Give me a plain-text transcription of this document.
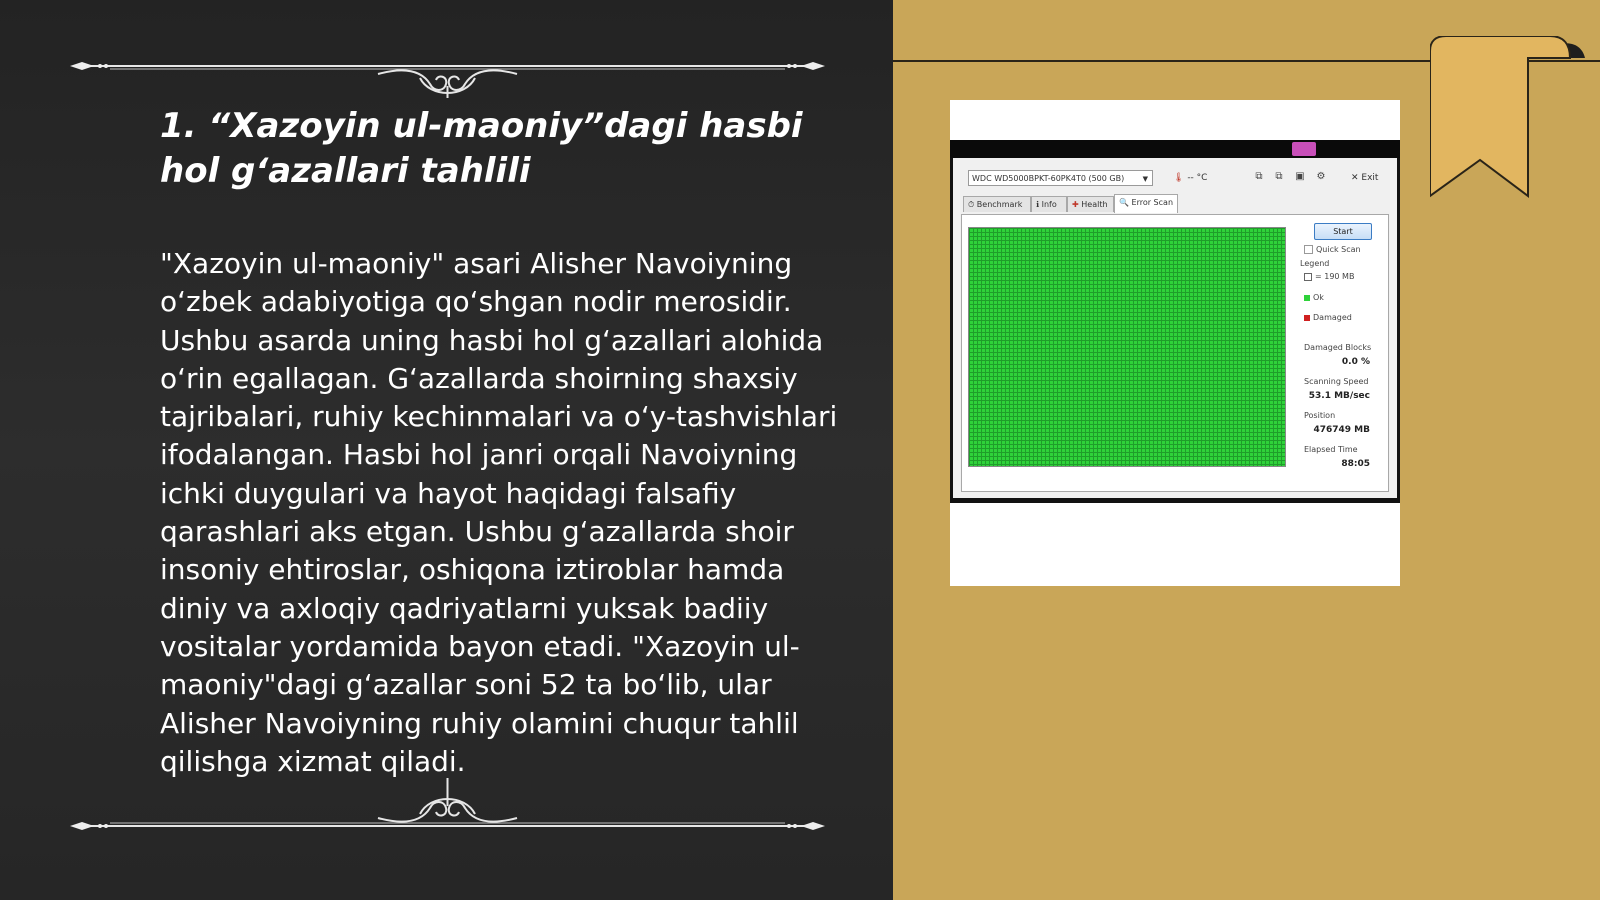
1. “Xazoyin ul-maoniy”dagi hasbi hol g‘azallari tahlili

"Xazoyin ul-maoniy" asari Alisher Navoiyning o‘zbek adabiyotiga qo‘shgan nodir merosidir. Ushbu asarda uning hasbi hol g‘azallari alohida o‘rin egallagan. G‘azallarda shoirning shaxsiy tajribalari, ruhiy kechinmalari va o‘y-tashvishlari ifodalangan. Hasbi hol janri orqali Navoiyning ichki duygulari va hayot haqidagi falsafiy qarashlari aks etgan. Ushbu g‘azallarda shoir insoniy ehtiroslar, oshiqona iztiroblar hamda diniy va axloqiy qadriyatlarni yuksak badiiy vositalar yordamida bayon etadi. "Xazoyin ul-maoniy"dagi g‘azallar soni 52 ta bo‘lib, ular Alisher Navoiyning ruhiy olamini chuqur tahlil qilishga xizmat qiladi.

WDC WD5000BPKT-60PK4T0 (500 GB)	▼	🌡 -- °C	⧉ ⧉ ▣ ⚙	✕ Exit
⏱ Benchmark	ℹ Info	✚ Health	🔍 Error Scan
Start
Quick Scan
Legend
= 190 MB
Ok
Damaged
Damaged Blocks
0.0 %
Scanning Speed
53.1 MB/sec
Position
476749 MB
Elapsed Time
88:05
